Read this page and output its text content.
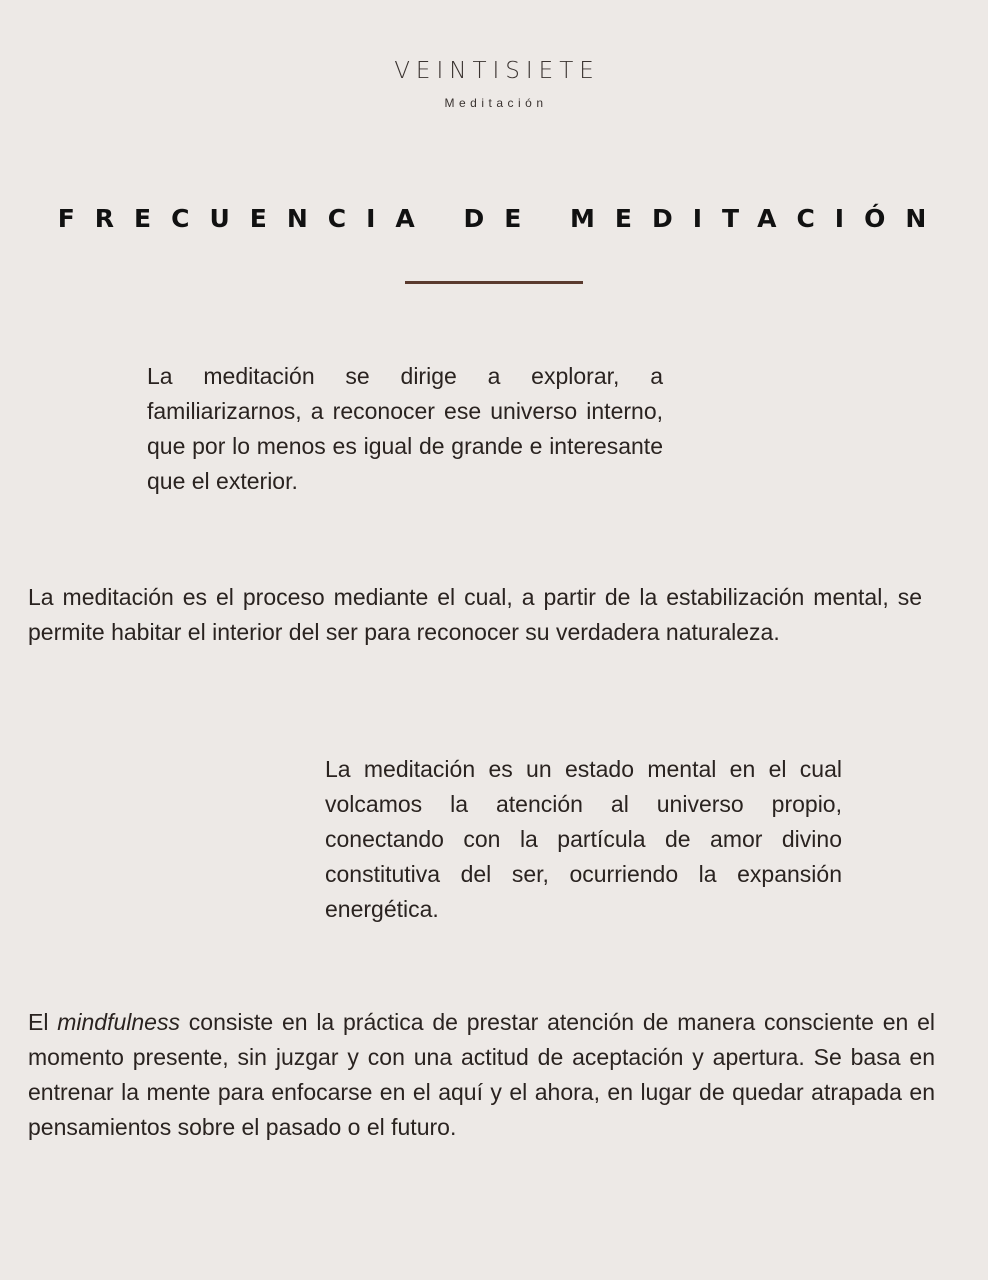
VEINTISIETE
Meditación
FRECUENCIA DE MEDITACIÓN

La meditación se dirige a explorar, a familiarizarnos, a reconocer ese universo interno, que por lo menos es igual de grande e interesante que el exterior.

La meditación es el proceso mediante el cual, a partir de la estabilización mental, se permite habitar el interior del ser para reconocer su verdadera naturaleza.

La meditación es un estado mental en el cual volcamos la atención al universo propio, conectando con la partícula de amor divino constitutiva del ser, ocurriendo la expansión energética.

El mindfulness consiste en la práctica de prestar atención de manera consciente en el momento presente, sin juzgar y con una actitud de aceptación y apertura. Se basa en entrenar la mente para enfocarse en el aquí y el ahora, en lugar de quedar atrapada en pensamientos sobre el pasado o el futuro.
